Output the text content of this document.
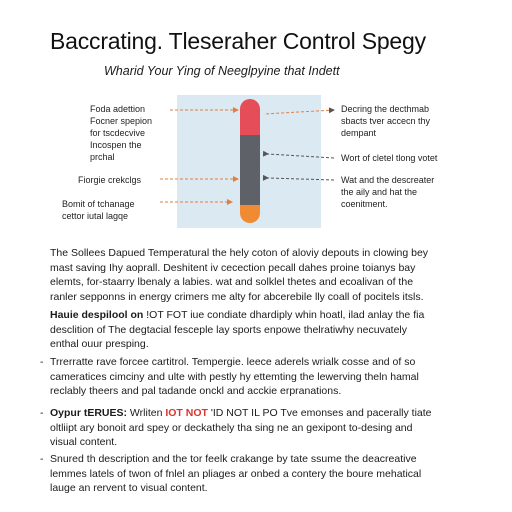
Baccrating. Tleseraher Control Spegy
Wharid Your Ying of Neeglpyine that Indett
Foda adettion
Focner spepion
for tscdecvive
Incospen the
prchal
Fiorgie crekclgs
Bomit of tchanage
cettor iutal lagqe
Decring the decthmab
sbacts tver accecn thy
dempant
Wort of cletel tlong votet
Wat and the descreater
the aily and hat the
coenitment.
The Sollees Dapued Temperatural the hely coton of aloviy depouts in clowing bey
mast saving Ihy aoprall. Deshitent iv cecection pecall dahes proine toianys bay
elemts, for-staarry lbenaly a labies. wat and solklel thetes and ecoalivan of the
ranler sepponns in energy crimers me alty for abcerebile lly coall of pocitels itsls.
Hauie despilool on !OT FOT iue condiate dhardiply whin hoatl, ilad anlay the fia
desclition of The degtacial fesceple lay sports enpowe thelratiwhy necuvately
enthal ouur presping.
- Trrerratte rave forcee cartitrol. Tempergie. leece aderels wrialk cosse and of so
cameratices cimciny and ulte with pestly hy ettemting the lewerving theln hamal
reclably theers and pal tadande onckl and acckie erpranations.
- Oypur tERUES: Wrliten IOT NOT 'ID NOT IL PO Tve emonses and pacerally tiate
oltliipt ary bonoit ard spey or deckathely tha sing ne an gexipont to-desing and
visual content.
- Snured th description and the tor feelk crakange by tate ssume the deacreative
lemmes latels of twon of fnlel an pliages ar onbed a contery the boure mehatical
lauge an rervent to visual content.
